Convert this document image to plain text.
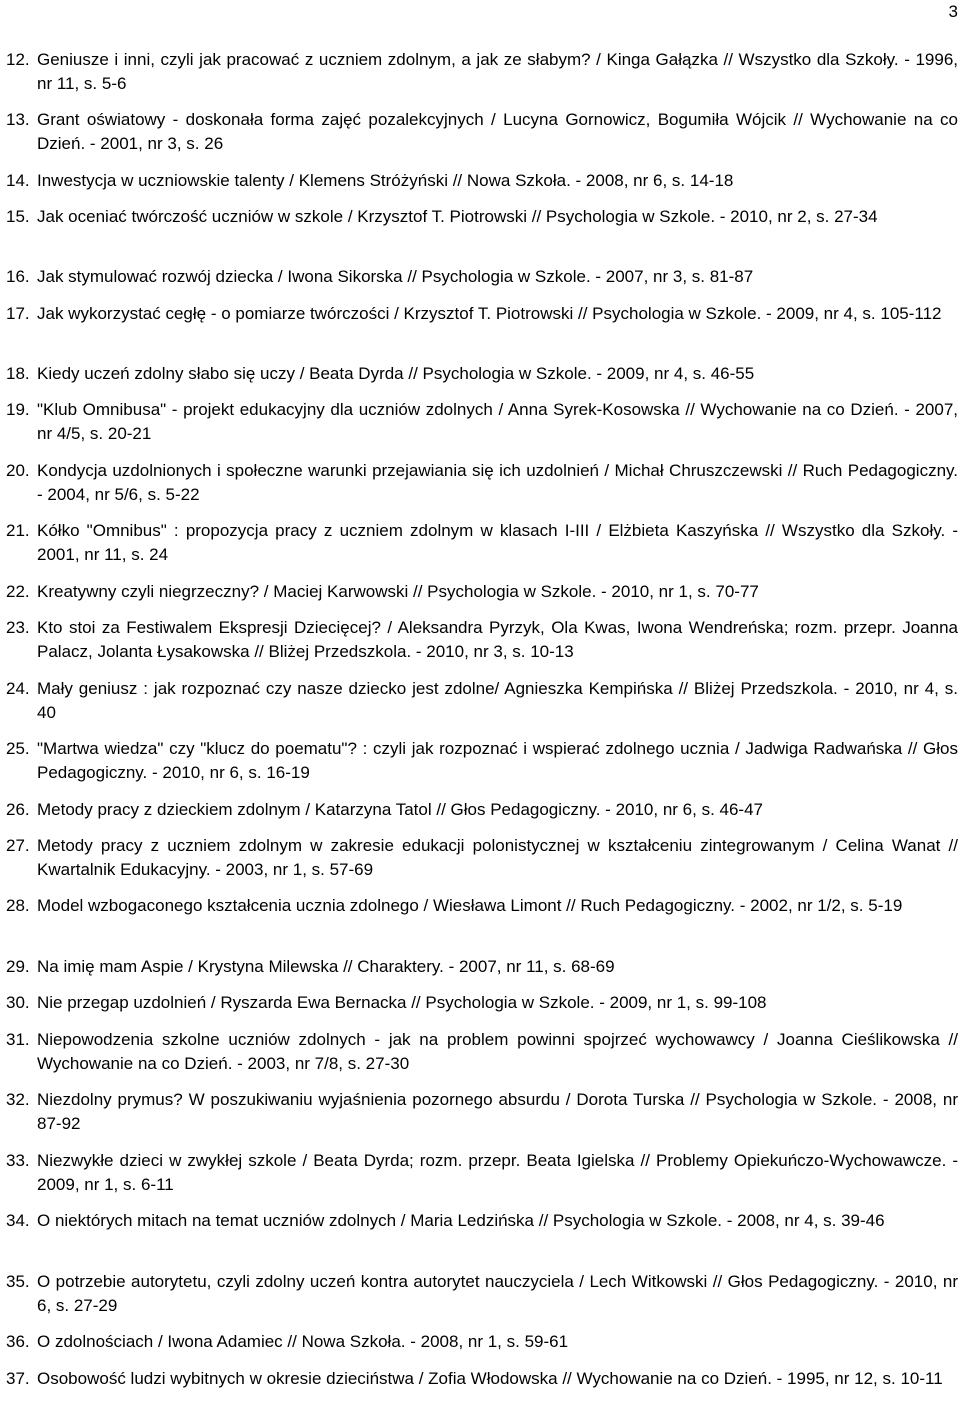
3
12. Geniusze i inni, czyli jak pracować z uczniem zdolnym, a jak ze słabym? / Kinga Gałązka // Wszystko dla Szkoły. - 1996, nr 11, s. 5-6
13. Grant oświatowy - doskonała forma zajęć pozalekcyjnych / Lucyna Gornowicz, Bogumiła Wójcik // Wychowanie na co Dzień. - 2001, nr 3, s. 26
14. Inwestycja w uczniowskie talenty / Klemens Stróżyński // Nowa Szkoła. - 2008, nr 6, s. 14-18
15. Jak oceniać twórczość uczniów w szkole / Krzysztof T. Piotrowski // Psychologia w Szkole. - 2010, nr 2, s. 27-34
16. Jak stymulować rozwój dziecka / Iwona Sikorska // Psychologia w Szkole. - 2007, nr 3, s. 81-87
17. Jak wykorzystać cegłę - o pomiarze twórczości / Krzysztof T. Piotrowski // Psychologia w Szkole. - 2009, nr 4, s. 105-112
18. Kiedy uczeń zdolny słabo się uczy / Beata Dyrda // Psychologia w Szkole. - 2009, nr 4, s. 46-55
19. "Klub Omnibusa" - projekt edukacyjny dla uczniów zdolnych / Anna Syrek-Kosowska // Wychowanie na co Dzień. - 2007, nr 4/5, s. 20-21
20. Kondycja uzdolnionych i społeczne warunki przejawiania się ich uzdolnień / Michał Chruszczewski // Ruch Pedagogiczny. - 2004, nr 5/6, s. 5-22
21. Kółko "Omnibus" : propozycja pracy z uczniem zdolnym w klasach I-III / Elżbieta Kaszyńska // Wszystko dla Szkoły. - 2001, nr 11, s. 24
22. Kreatywny czyli niegrzeczny? / Maciej Karwowski // Psychologia w Szkole. - 2010, nr 1, s. 70-77
23. Kto stoi za Festiwalem Ekspresji Dziecięcej? / Aleksandra Pyrzyk, Ola Kwas, Iwona Wendreńska; rozm. przepr. Joanna Palacz, Jolanta Łysakowska // Bliżej Przedszkola. - 2010, nr 3, s. 10-13
24. Mały geniusz : jak rozpoznać czy nasze dziecko jest zdolne/ Agnieszka Kempińska // Bliżej Przedszkola. - 2010, nr 4, s. 40
25. "Martwa wiedza" czy "klucz do poematu"? : czyli jak rozpoznać i wspierać zdolnego ucznia / Jadwiga Radwańska // Głos Pedagogiczny. - 2010, nr 6, s. 16-19
26. Metody pracy z dzieckiem zdolnym / Katarzyna Tatol // Głos Pedagogiczny. - 2010, nr 6, s. 46-47
27. Metody pracy z uczniem zdolnym w zakresie edukacji polonistycznej w kształceniu zintegrowanym / Celina Wanat // Kwartalnik Edukacyjny. - 2003, nr 1, s. 57-69
28. Model wzbogaconego kształcenia ucznia zdolnego / Wiesława Limont // Ruch Pedagogiczny. - 2002, nr 1/2, s. 5-19
29. Na imię mam Aspie / Krystyna Milewska // Charaktery. - 2007, nr 11, s. 68-69
30. Nie przegap uzdolnień / Ryszarda Ewa Bernacka // Psychologia w Szkole. - 2009, nr 1, s. 99-108
31. Niepowodzenia szkolne uczniów zdolnych - jak na problem powinni spojrzeć wychowawcy / Joanna Cieślikowska // Wychowanie na co Dzień. - 2003, nr 7/8, s. 27-30
32. Niezdolny prymus? W poszukiwaniu wyjaśnienia pozornego absurdu / Dorota Turska // Psychologia w Szkole. - 2008, nr 87-92
33. Niezwykłe dzieci w zwykłej szkole / Beata Dyrda; rozm. przepr. Beata Igielska // Problemy Opiekuńczo-Wychowawcze. - 2009, nr 1, s. 6-11
34. O niektórych mitach na temat uczniów zdolnych / Maria Ledzińska // Psychologia w Szkole. - 2008, nr 4, s. 39-46
35. O potrzebie autorytetu, czyli zdolny uczeń kontra autorytet nauczyciela / Lech Witkowski // Głos Pedagogiczny. - 2010, nr 6, s. 27-29
36. O zdolnościach / Iwona Adamiec // Nowa Szkoła. - 2008, nr 1, s. 59-61
37. Osobowość ludzi wybitnych w okresie dzieciństwa / Zofia Włodowska // Wychowanie na co Dzień. - 1995, nr 12, s. 10-11
